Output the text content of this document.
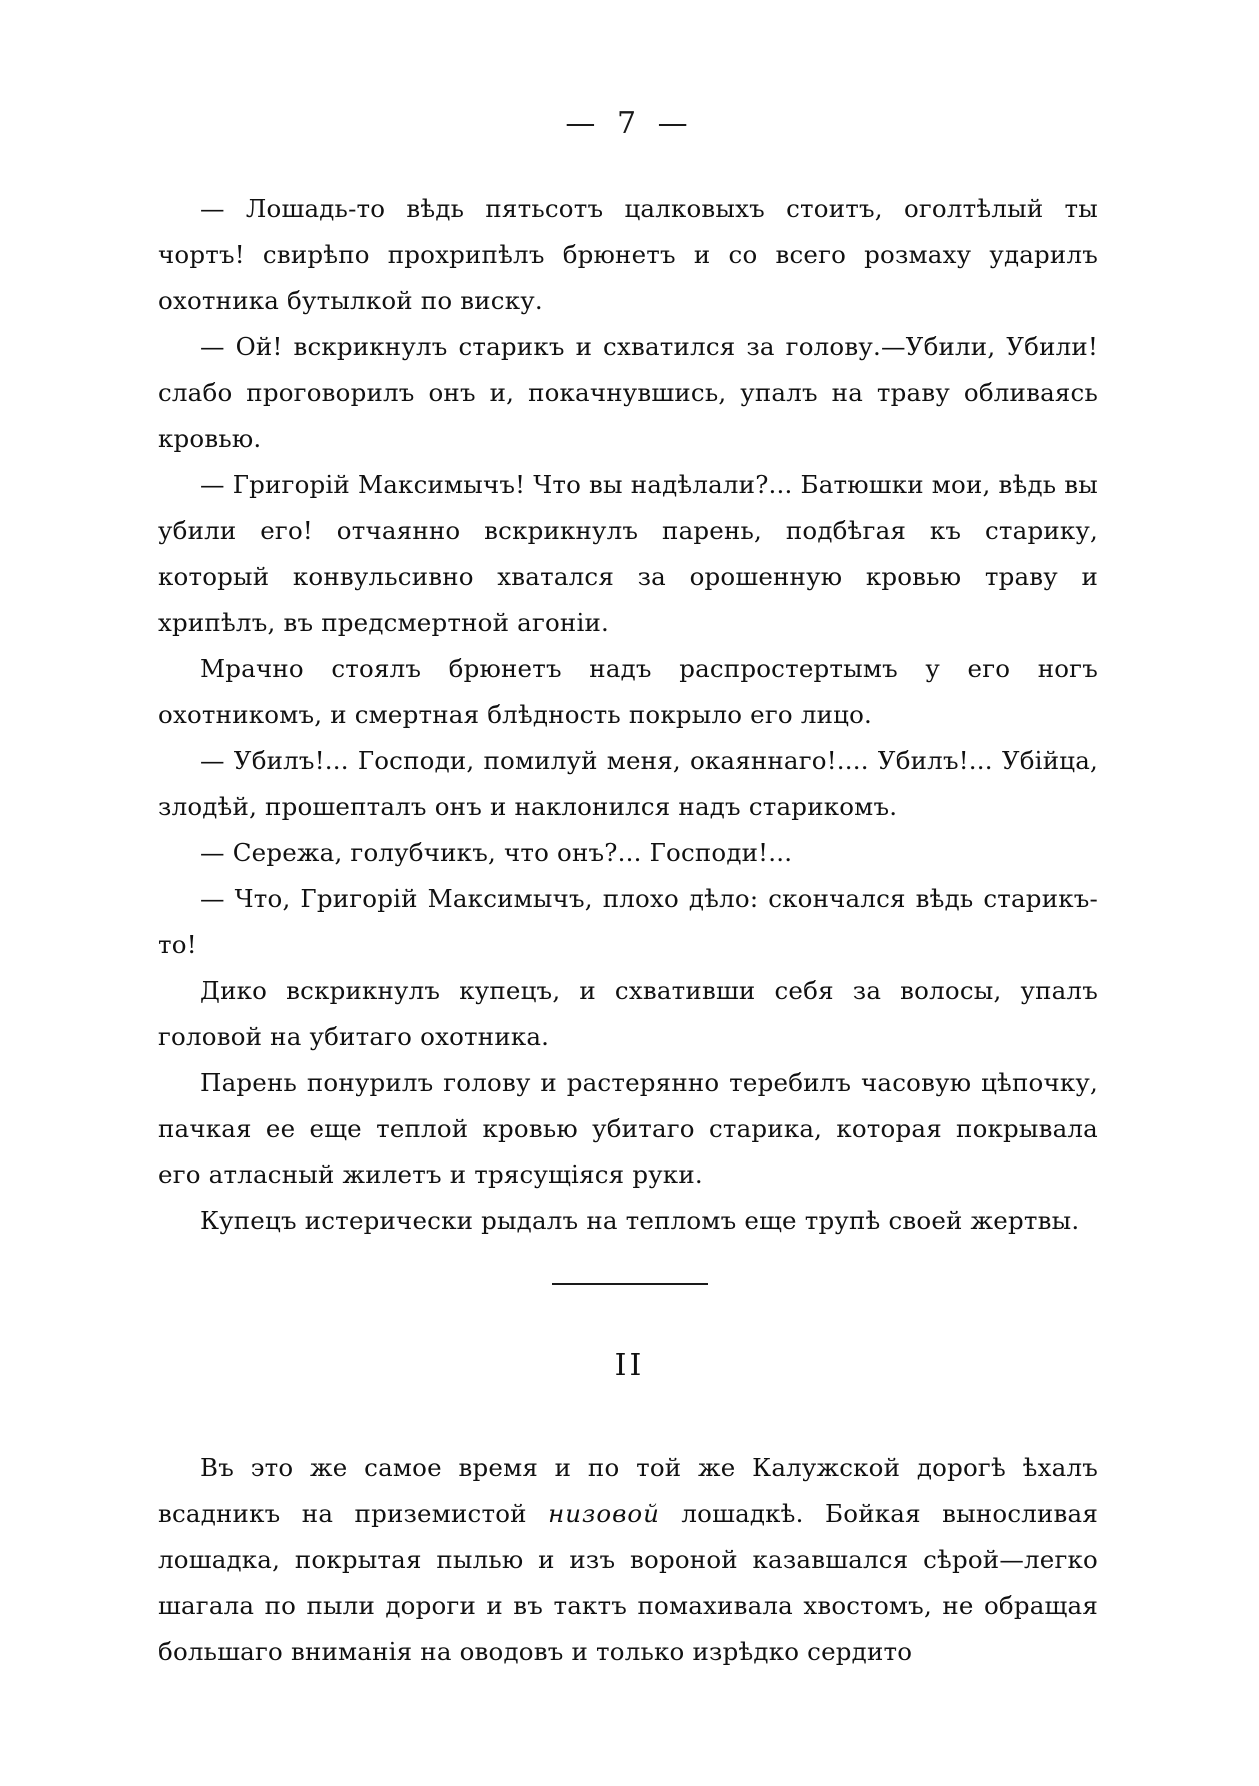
— 7 —

— Лошадь-то вѣдь пятьсотъ цалковыхъ стоитъ, оголтѣлый ты чортъ! свирѣпо прохрипѣлъ брюнетъ и со всего розмаху ударилъ охотника бутылкой по виску.

— Ой! вскрикнулъ старикъ и схватился за голову.—Убили, Убили! слабо проговорилъ онъ и, покачнувшись, упалъ на траву обливаясь кровью.

— Григорій Максимычъ! Что вы надѣлали?... Батюшки мои, вѣдь вы убили его! отчаянно вскрикнулъ парень, подбѣгая къ старику, который конвульсивно хватался за орошенную кровью траву и хрипѣлъ, въ предсмертной агоніи.

Мрачно стоялъ брюнетъ надъ распростертымъ у его ногъ охотникомъ, и смертная блѣдность покрыло его лицо.

— Убилъ!... Господи, помилуй меня, окаяннаго!.... Убилъ!... Убійца, злодѣй, прошепталъ онъ и наклонился надъ старикомъ.

— Сережа, голубчикъ, что онъ?... Господи!...

— Что, Григорій Максимычъ, плохо дѣло: скончался вѣдь старикъ-то!

Дико вскрикнулъ купецъ, и схвативши себя за волосы, упалъ головой на убитаго охотника.

Парень понурилъ голову и растерянно теребилъ часовую цѣпочку, пачкая ее еще теплой кровью убитаго старика, которая покрывала его атласный жилетъ и трясущіяся руки.

Купецъ истерически рыдалъ на тепломъ еще трупѣ своей жертвы.

II

Въ это же самое время и по той же Калужской дорогѣ ѣхалъ всадникъ на приземистой низовой лошадкѣ. Бойкая выносливая лошадка, покрытая пылью и изъ вороной казавшался сѣрой—легко шагала по пыли дороги и въ тактъ помахивала хвостомъ, не обращая большаго вниманія на оводовъ и только изрѣдко сердито
